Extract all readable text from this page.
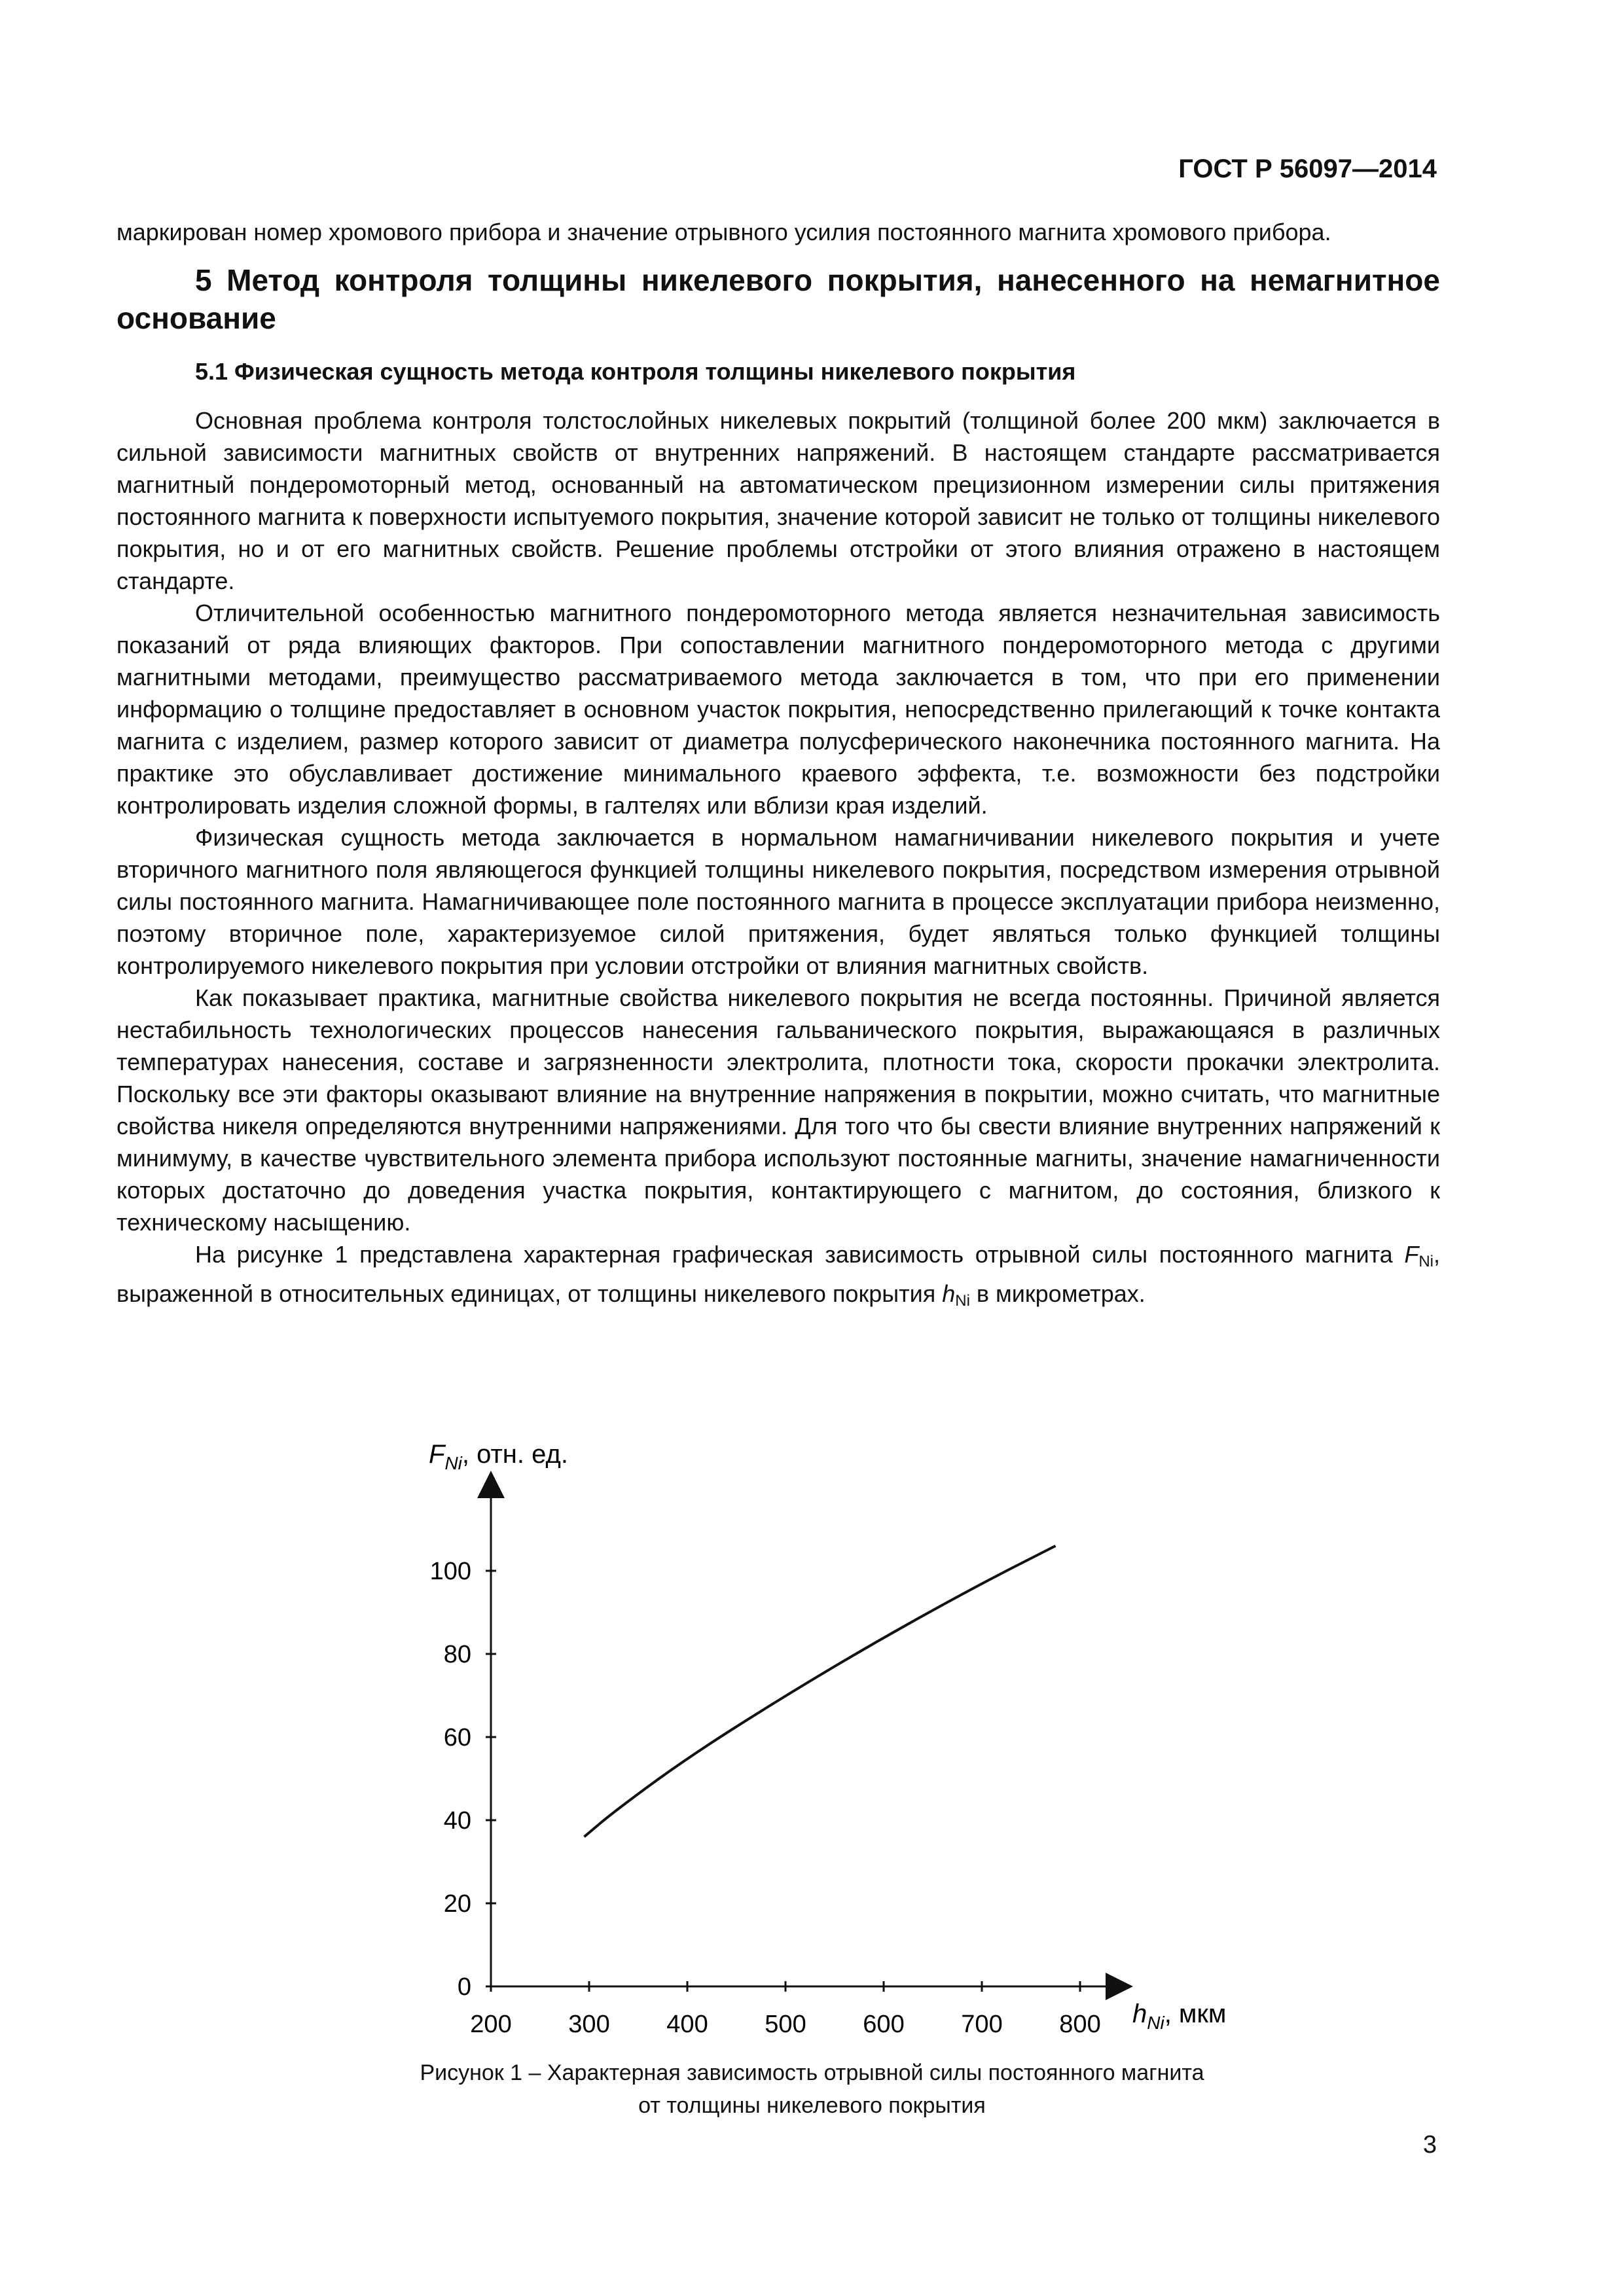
ГОСТ Р 56097—2014

маркирован номер хромового прибора и значение отрывного усилия постоянного магнита хромового прибора.

5 Метод контроля толщины никелевого покрытия, нанесенного на немагнитное основание
5.1 Физическая сущность метода контроля толщины никелевого покрытия

Основная проблема контроля толстослойных никелевых покрытий (толщиной более 200 мкм) заключается в сильной зависимости магнитных свойств от внутренних напряжений. В настоящем стандарте рассматривается магнитный пондеромоторный метод, основанный на автоматическом прецизионном измерении силы притяжения постоянного магнита к поверхности испытуемого покрытия, значение которой зависит не только от толщины никелевого покрытия, но и от его магнитных свойств. Решение проблемы отстройки от этого влияния отражено в настоящем стандарте.

Отличительной особенностью магнитного пондеромоторного метода является незначительная зависимость показаний от ряда влияющих факторов. При сопоставлении магнитного пондеромоторного метода с другими магнитными методами, преимущество рассматриваемого метода заключается в том, что при его применении информацию о толщине предоставляет в основном участок покрытия, непосредственно прилегающий к точке контакта магнита с изделием, размер которого зависит от диаметра полусферического наконечника постоянного магнита. На практике это обуславливает достижение минимального краевого эффекта, т.е. возможности без подстройки контролировать изделия сложной формы, в галтелях или вблизи края изделий.

Физическая сущность метода заключается в нормальном намагничивании никелевого покрытия и учете вторичного магнитного поля являющегося функцией толщины никелевого покрытия, посредством измерения отрывной силы постоянного магнита. Намагничивающее поле постоянного магнита в процессе эксплуатации прибора неизменно, поэтому вторичное поле, характеризуемое силой притяжения, будет являться только функцией толщины контролируемого никелевого покрытия при условии отстройки от влияния магнитных свойств.

Как показывает практика, магнитные свойства никелевого покрытия не всегда постоянны. Причиной является нестабильность технологических процессов нанесения гальванического покрытия, выражающаяся в различных температурах нанесения, составе и загрязненности электролита, плотности тока, скорости прокачки электролита. Поскольку все эти факторы оказывают влияние на внутренние напряжения в покрытии, можно считать, что магнитные свойства никеля определяются внутренними напряжениями. Для того что бы свести влияние внутренних напряжений к минимуму, в качестве чувствительного элемента прибора используют постоянные магниты, значение намагниченности которых достаточно до доведения участка покрытия, контактирующего с магнитом, до состояния, близкого к техническому насыщению.

На рисунке 1 представлена характерная графическая зависимость отрывной силы постоянного магнита $F_{Ni}$, выраженной в относительных единицах, от толщины никелевого покрытия $h_{Ni}$ в микрометрах.

200 300 400 500 600 700 800
0
20
40
60
80
100
$F_{Ni}$, отн. ед.
$h_{Ni}$, мкм
Рисунок 1 – Характерная зависимость отрывной силы постоянного магнита
от толщины никелевого покрытия
3
